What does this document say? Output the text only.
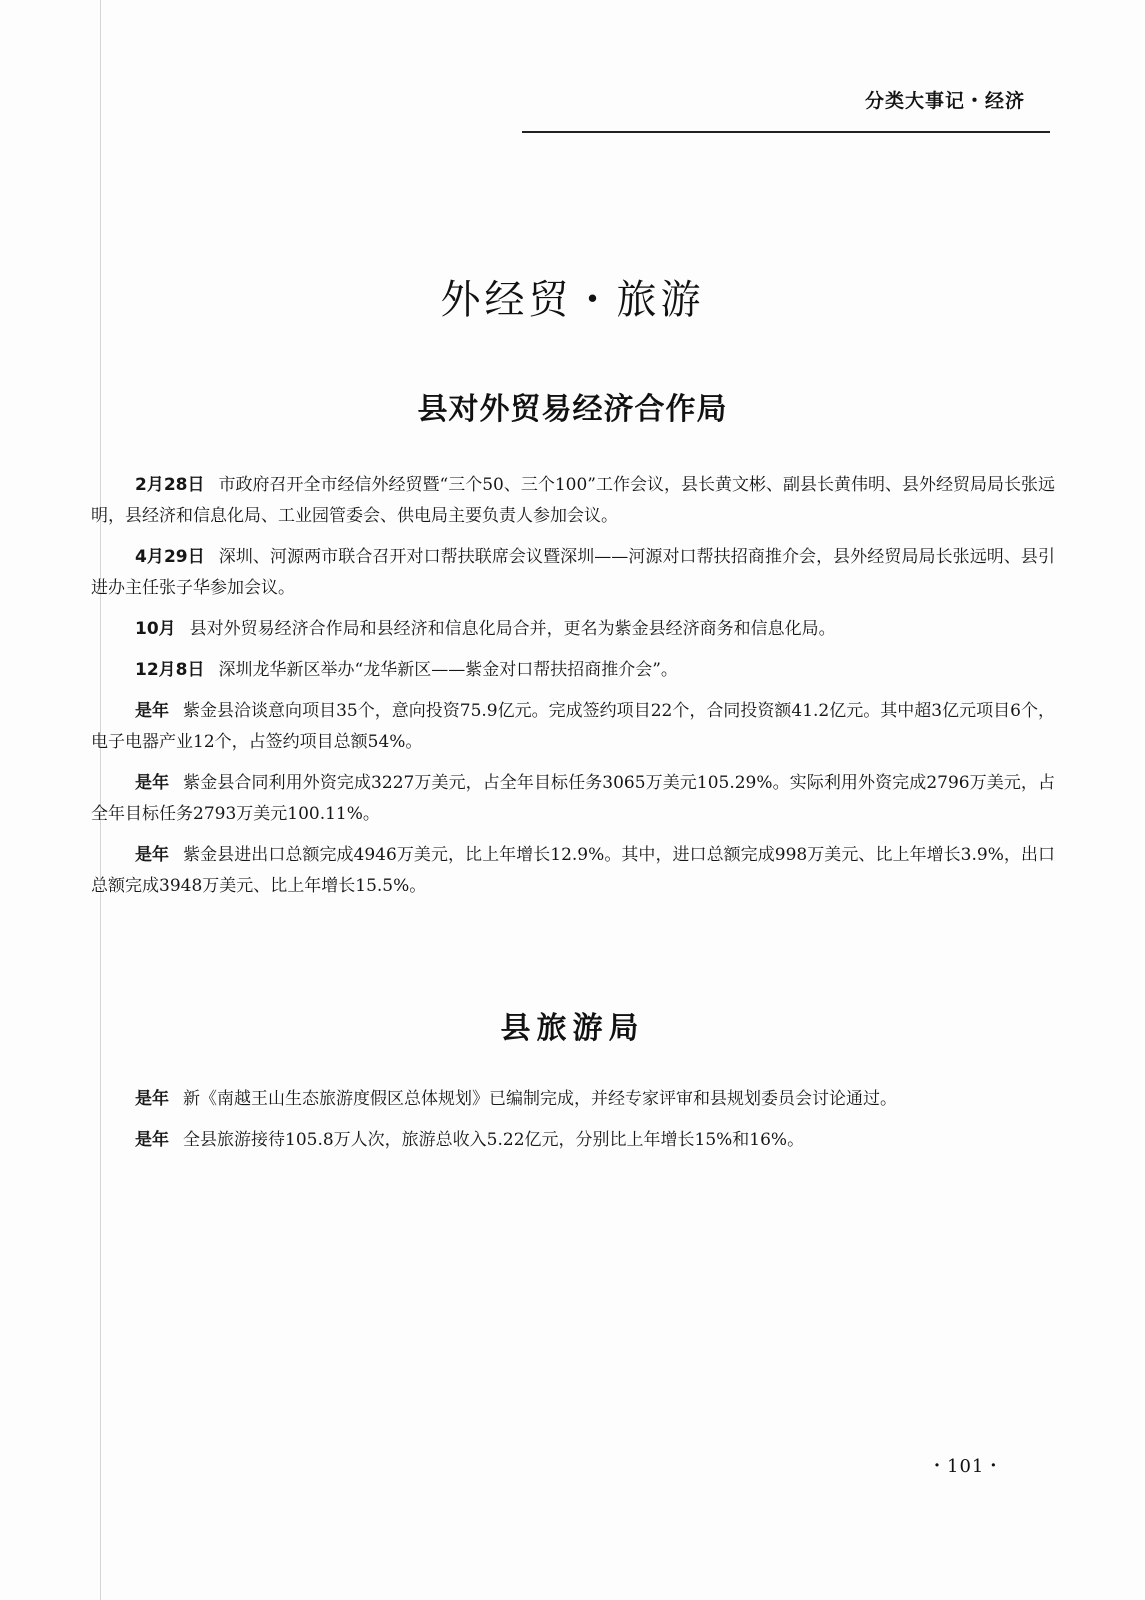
分类大事记・经济
外经贸・旅游
县对外贸易经济合作局

2月28日 市政府召开全市经信外经贸暨“三个50、三个100”工作会议，县长黄文彬、副县长黄伟明、县外经贸局局长张远明，县经济和信息化局、工业园管委会、供电局主要负责人参加会议。

4月29日 深圳、河源两市联合召开对口帮扶联席会议暨深圳——河源对口帮扶招商推介会，县外经贸局局长张远明、县引进办主任张子华参加会议。

10月 县对外贸易经济合作局和县经济和信息化局合并，更名为紫金县经济商务和信息化局。

12月8日 深圳龙华新区举办“龙华新区——紫金对口帮扶招商推介会”。

是年 紫金县洽谈意向项目35个，意向投资75.9亿元。完成签约项目22个，合同投资额41.2亿元。其中超3亿元项目6个，电子电器产业12个，占签约项目总额54%。

是年 紫金县合同利用外资完成3227万美元，占全年目标任务3065万美元105.29%。实际利用外资完成2796万美元，占全年目标任务2793万美元100.11%。

是年 紫金县进出口总额完成4946万美元，比上年增长12.9%。其中，进口总额完成998万美元、比上年增长3.9%，出口总额完成3948万美元、比上年增长15.5%。

县旅游局

是年 新《南越王山生态旅游度假区总体规划》已编制完成，并经专家评审和县规划委员会讨论通过。

是年 全县旅游接待105.8万人次，旅游总收入5.22亿元，分别比上年增长15%和16%。

・101・
